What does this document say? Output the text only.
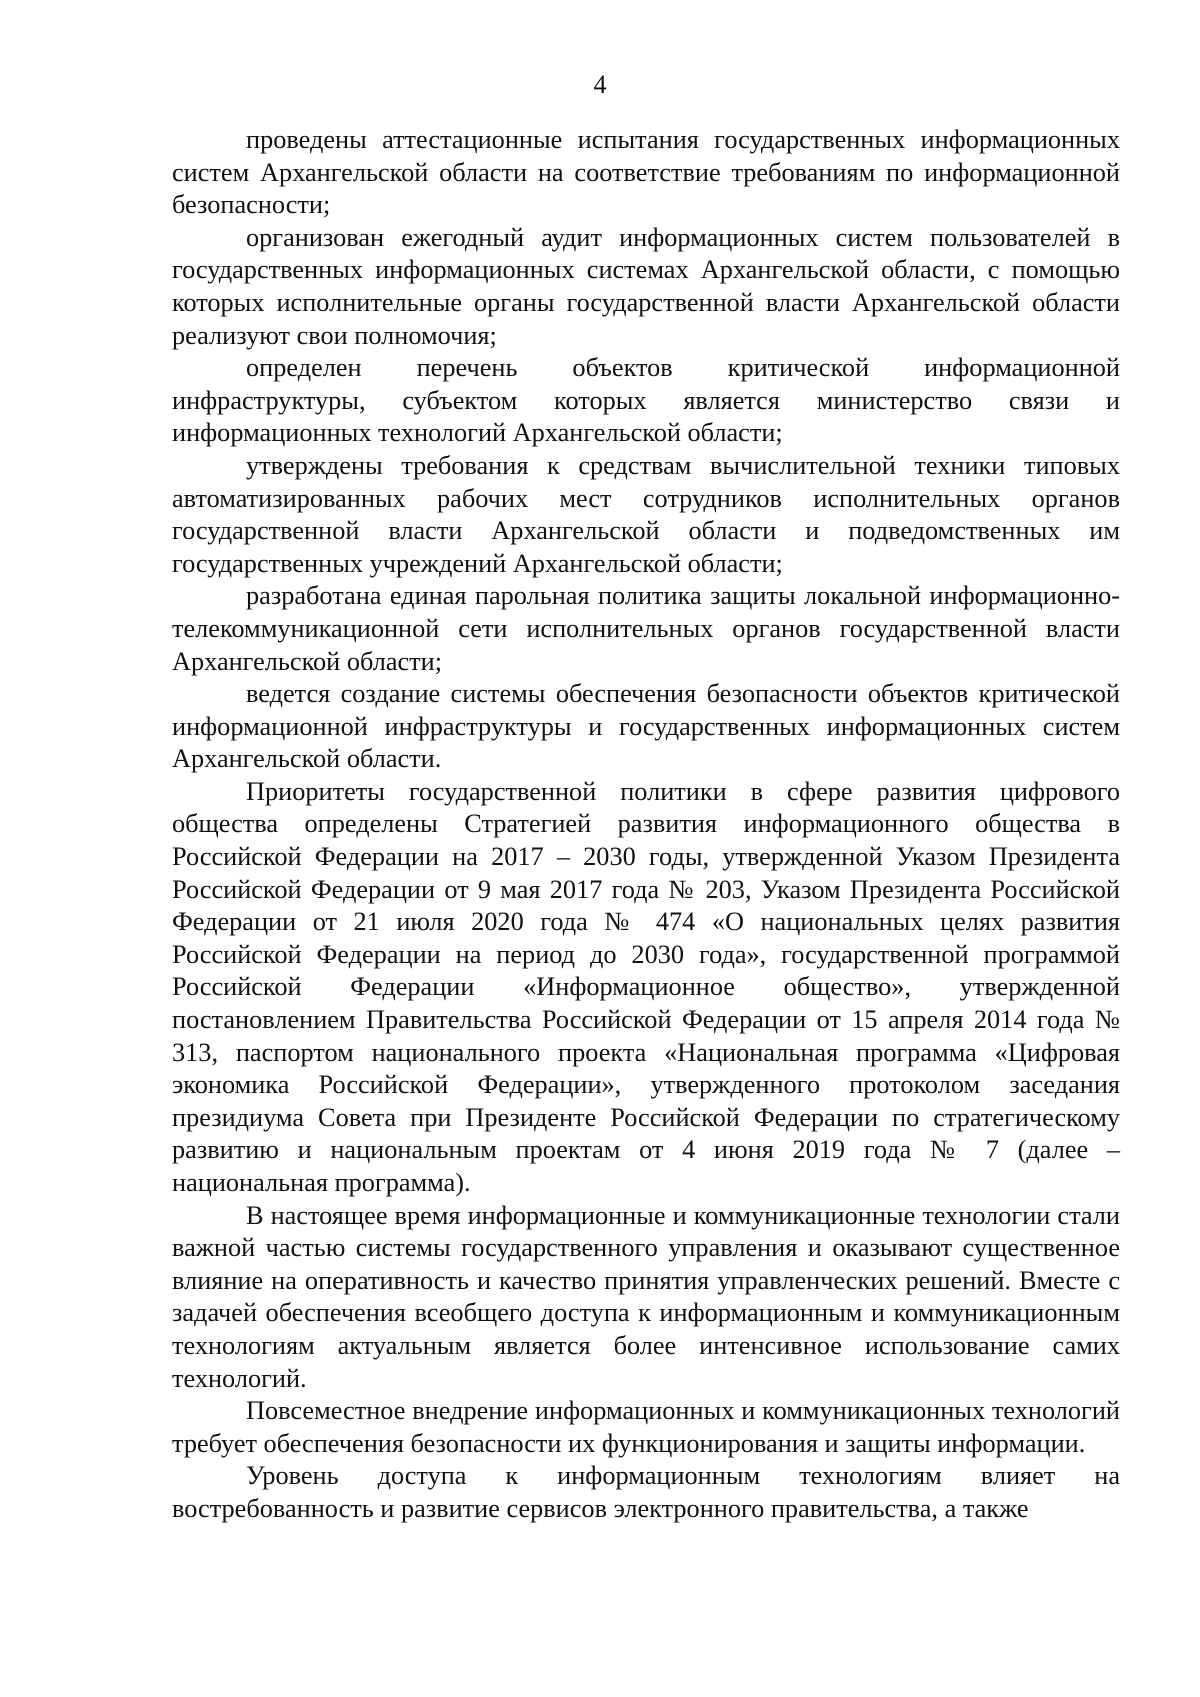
4

проведены аттестационные испытания государственных информационных систем Архангельской области на соответствие требованиям по информационной безопасности;

организован ежегодный аудит информационных систем пользователей в государственных информационных системах Архангельской области, с помощью которых исполнительные органы государственной власти Архангельской области реализуют свои полномочия;

определен перечень объектов критической информационной инфраструктуры, субъектом которых является министерство связи и информационных технологий Архангельской области;

утверждены требования к средствам вычислительной техники типовых автоматизированных рабочих мест сотрудников исполнительных органов государственной власти Архангельской области и подведомственных им государственных учреждений Архангельской области;

разработана единая парольная политика защиты локальной информационно-телекоммуникационной сети исполнительных органов государственной власти Архангельской области;

ведется создание системы обеспечения безопасности объектов критической информационной инфраструктуры и государственных информационных систем Архангельской области.

Приоритеты государственной политики в сфере развития цифрового общества определены Стратегией развития информационного общества в Российской Федерации на 2017 – 2030 годы, утвержденной Указом Президента Российской Федерации от 9 мая 2017 года № 203, Указом Президента Российской Федерации от 21 июля 2020 года № 474 «О национальных целях развития Российской Федерации на период до 2030 года», государственной программой Российской Федерации «Информационное общество», утвержденной постановлением Правительства Российской Федерации от 15 апреля 2014 года № 313, паспортом национального проекта «Национальная программа «Цифровая экономика Российской Федерации», утвержденного протоколом заседания президиума Совета при Президенте Российской Федерации по стратегическому развитию и национальным проектам от 4 июня 2019 года № 7 (далее – национальная программа).

В настоящее время информационные и коммуникационные технологии стали важной частью системы государственного управления и оказывают существенное влияние на оперативность и качество принятия управленческих решений. Вместе с задачей обеспечения всеобщего доступа к информационным и коммуникационным технологиям актуальным является более интенсивное использование самих технологий.

Повсеместное внедрение информационных и коммуникационных технологий требует обеспечения безопасности их функционирования и защиты информации.

Уровень доступа к информационным технологиям влияет на востребованность и развитие сервисов электронного правительства, а также
